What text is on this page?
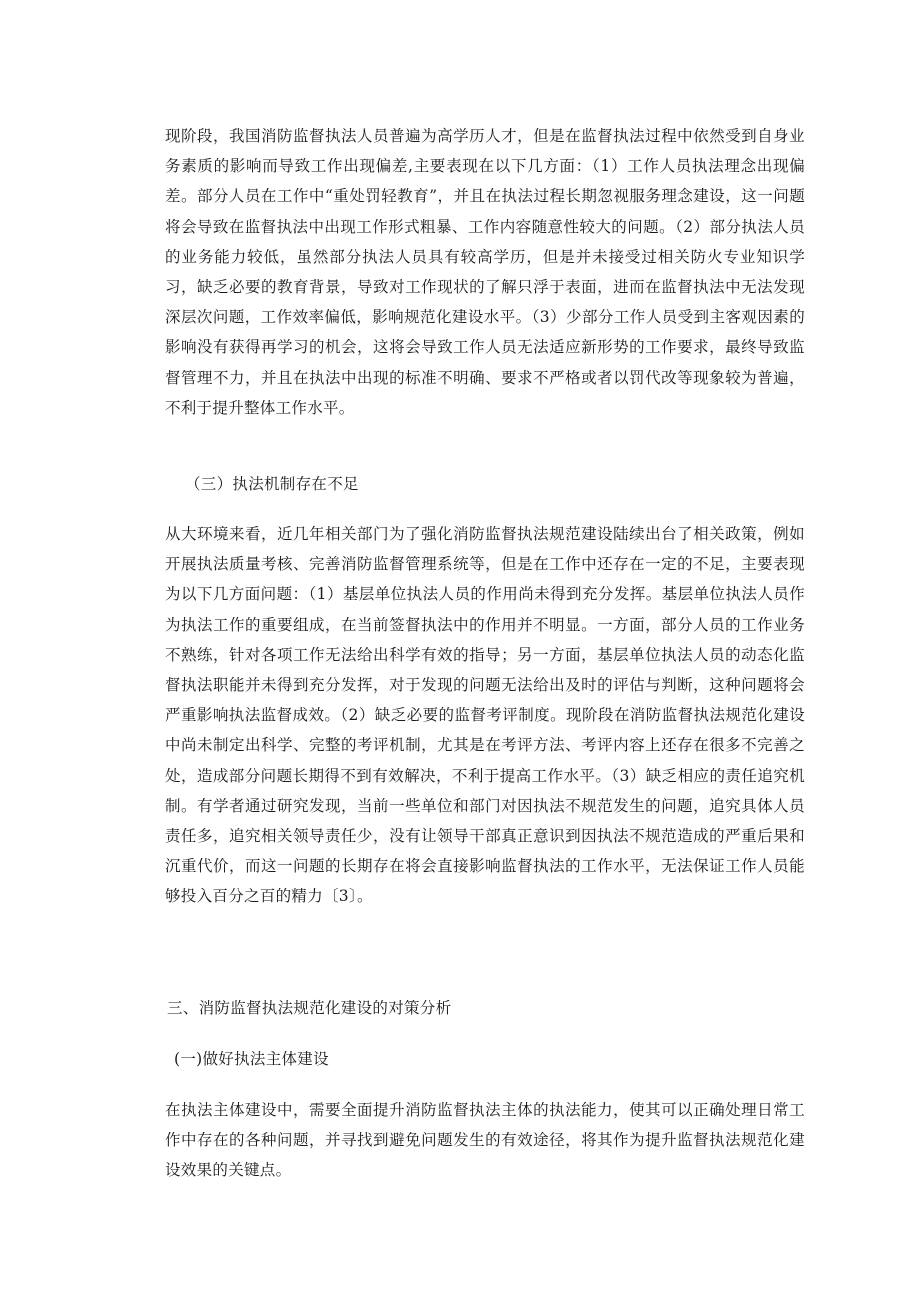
现阶段，我国消防监督执法人员普遍为高学历人才，但是在监督执法过程中依然受到自身业务素质的影响而导致工作出现偏差,主要表现在以下几方面：（1）工作人员执法理念出现偏差。部分人员在工作中“重处罚轻教育”，并且在执法过程长期忽视服务理念建设，这一问题将会导致在监督执法中出现工作形式粗暴、工作内容随意性较大的问题。（2）部分执法人员的业务能力较低，虽然部分执法人员具有较高学历，但是并未接受过相关防火专业知识学习，缺乏必要的教育背景，导致对工作现状的了解只浮于表面，进而在监督执法中无法发现深层次问题，工作效率偏低，影响规范化建设水平。（3）少部分工作人员受到主客观因素的影响没有获得再学习的机会，这将会导致工作人员无法适应新形势的工作要求，最终导致监督管理不力，并且在执法中出现的标准不明确、要求不严格或者以罚代改等现象较为普遍，不利于提升整体工作水平。

（三）执法机制存在不足

从大环境来看，近几年相关部门为了强化消防监督执法规范建设陆续出台了相关政策，例如开展执法质量考核、完善消防监督管理系统等，但是在工作中还存在一定的不足，主要表现为以下几方面问题：（1）基层单位执法人员的作用尚未得到充分发挥。基层单位执法人员作为执法工作的重要组成，在当前签督执法中的作用并不明显。一方面，部分人员的工作业务不熟练，针对各项工作无法给出科学有效的指导；另一方面，基层单位执法人员的动态化监督执法职能并未得到充分发挥，对于发现的问题无法给出及时的评估与判断，这种问题将会严重影响执法监督成效。（2）缺乏必要的监督考评制度。现阶段在消防监督执法规范化建设中尚未制定出科学、完整的考评机制，尤其是在考评方法、考评内容上还存在很多不完善之处，造成部分问题长期得不到有效解决，不利于提高工作水平。（3）缺乏相应的责任追究机制。有学者通过研究发现，当前一些单位和部门对因执法不规范发生的问题，追究具体人员责任多，追究相关领导责任少，没有让领导干部真正意识到因执法不规范造成的严重后果和沉重代价，而这一问题的长期存在将会直接影响监督执法的工作水平，无法保证工作人员能够投入百分之百的精力〔3〕。

三、消防监督执法规范化建设的对策分析

(一)做好执法主体建设

在执法主体建设中，需要全面提升消防监督执法主体的执法能力，使其可以正确处理日常工作中存在的各种问题，并寻找到避免问题发生的有效途径，将其作为提升监督执法规范化建设效果的关键点。
